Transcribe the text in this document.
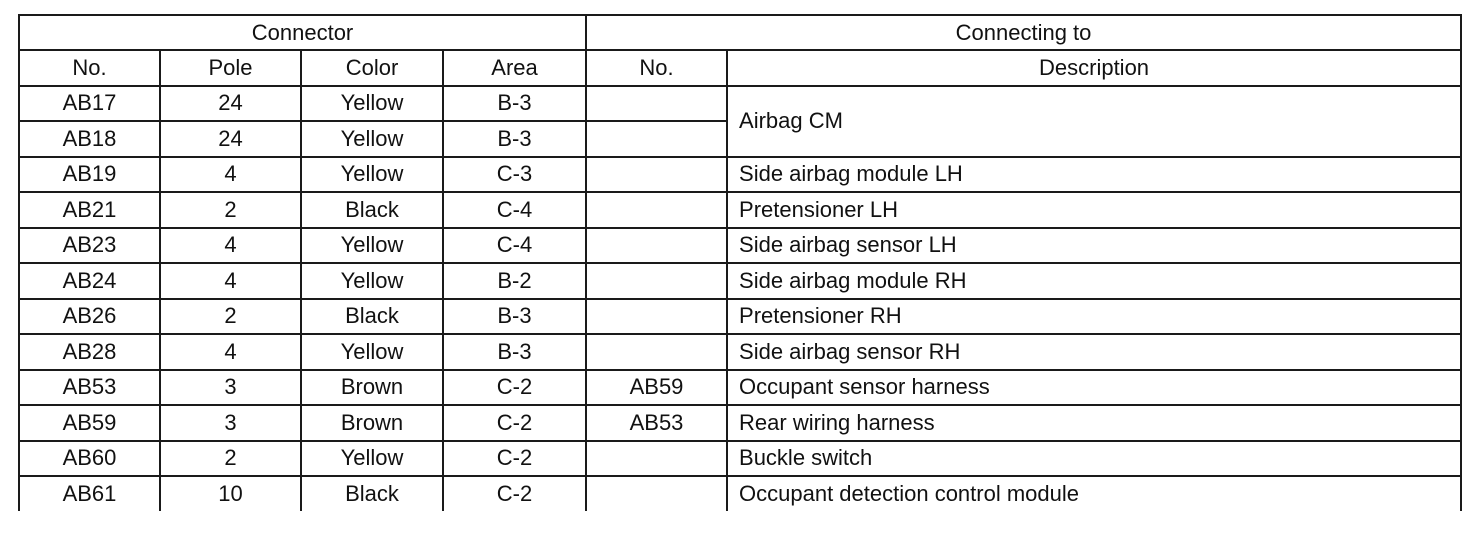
Connector				Connecting to	
No.	Pole	Color	Area	No.	Description
AB17	24	Yellow	B-3		Airbag CM
AB18	24	Yellow	B-3		
AB19	4	Yellow	C-3		Side airbag module LH
AB21	2	Black	C-4		Pretensioner LH
AB23	4	Yellow	C-4		Side airbag sensor LH
AB24	4	Yellow	B-2		Side airbag module RH
AB26	2	Black	B-3		Pretensioner RH
AB28	4	Yellow	B-3		Side airbag sensor RH
AB53	3	Brown	C-2	AB59	Occupant sensor harness
AB59	3	Brown	C-2	AB53	Rear wiring harness
AB60	2	Yellow	C-2		Buckle switch
AB61	10	Black	C-2		Occupant detection control module
